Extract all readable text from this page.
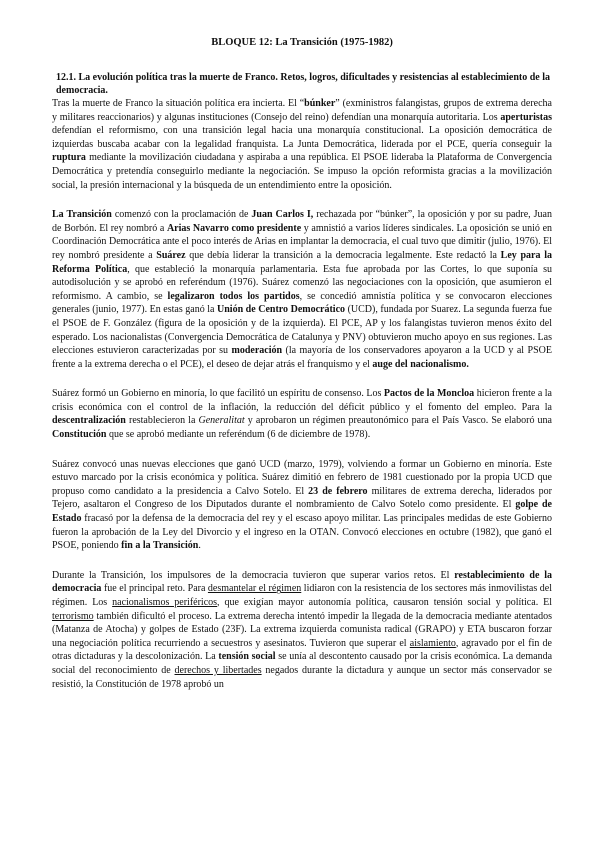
BLOQUE 12: La Transición (1975-1982)
12.1. La evolución política tras la muerte de Franco. Retos, logros, dificultades y resistencias al establecimiento de la democracia.

Tras la muerte de Franco la situación política era incierta. El “búnker” (exministros falangistas, grupos de extrema derecha y militares reaccionarios) y algunas instituciones (Consejo del reino) defendían una monarquía autoritaria. Los aperturistas defendían el reformismo, con una transición legal hacia una monarquía constitucional. La oposición democrática de izquierdas buscaba acabar con la legalidad franquista. La Junta Democrática, liderada por el PCE, quería conseguir la ruptura mediante la movilización ciudadana y aspiraba a una república. El PSOE lideraba la Plataforma de Convergencia Democrática y pretendía conseguirlo mediante la negociación. Se impuso la opción reformista gracias a la movilización social, la presión internacional y la búsqueda de un entendimiento entre la oposición.

La Transición comenzó con la proclamación de Juan Carlos I, rechazada por “búnker”, la oposición y por su padre, Juan de Borbón. El rey nombró a Arias Navarro como presidente y amnistió a varios líderes sindicales. La oposición se unió en Coordinación Democrática ante el poco interés de Arias en implantar la democracia, el cual tuvo que dimitir (julio, 1976). El rey nombró presidente a Suárez que debía liderar la transición a la democracia legalmente. Este redactó la Ley para la Reforma Política, que estableció la monarquía parlamentaria. Esta fue aprobada por las Cortes, lo que suponía su autodisolución y se aprobó en referéndum (1976). Suárez comenzó las negociaciones con la oposición, que asumieron el reformismo. A cambio, se legalizaron todos los partidos, se concedió amnistía política y se convocaron elecciones generales (junio, 1977). En estas ganó la Unión de Centro Democrático (UCD), fundada por Suarez. La segunda fuerza fue el PSOE de F. González (figura de la oposición y de la izquierda). El PCE, AP y los falangistas tuvieron menos éxito del esperado. Los nacionalistas (Convergencia Democrática de Catalunya y PNV) obtuvieron mucho apoyo en sus regiones. Las elecciones estuvieron caracterizadas por su moderación (la mayoría de los conservadores apoyaron a la UCD y al PSOE frente a la extrema derecha o el PCE), el deseo de dejar atrás el franquismo y el auge del nacionalismo.

Suárez formó un Gobierno en minoría, lo que facilitó un espíritu de consenso. Los Pactos de la Moncloa hicieron frente a la crisis económica con el control de la inflación, la reducción del déficit público y el fomento del empleo. Para la descentralización restablecieron la Generalitat y aprobaron un régimen preautonómico para el País Vasco. Se elaboró una Constitución que se aprobó mediante un referéndum (6 de diciembre de 1978).

Suárez convocó unas nuevas elecciones que ganó UCD (marzo, 1979), volviendo a formar un Gobierno en minoría. Este estuvo marcado por la crisis económica y política. Suárez dimitió en febrero de 1981 cuestionado por la propia UCD que propuso como candidato a la presidencia a Calvo Sotelo. El 23 de febrero militares de extrema derecha, liderados por Tejero, asaltaron el Congreso de los Diputados durante el nombramiento de Calvo Sotelo como presidente. El golpe de Estado fracasó por la defensa de la democracia del rey y el escaso apoyo militar. Las principales medidas de este Gobierno fueron la aprobación de la Ley del Divorcio y el ingreso en la OTAN. Convocó elecciones en octubre (1982), que ganó el PSOE, poniendo fin a la Transición.

Durante la Transición, los impulsores de la democracia tuvieron que superar varios retos. El restablecimiento de la democracia fue el principal reto. Para desmantelar el régimen lidiaron con la resistencia de los sectores más inmovilistas del régimen. Los nacionalismos periféricos, que exigían mayor autonomía política, causaron tensión social y política. El terrorismo también dificultó el proceso. La extrema derecha intentó impedir la llegada de la democracia mediante atentados (Matanza de Atocha) y golpes de Estado (23F). La extrema izquierda comunista radical (GRAPO) y ETA buscaron forzar una negociación política recurriendo a secuestros y asesinatos. Tuvieron que superar el aislamiento, agravado por el fin de otras dictaduras y la descolonización. La tensión social se unía al descontento causado por la crisis económica. La demanda social del reconocimiento de derechos y libertades negados durante la dictadura y aunque un sector más conservador se resistió, la Constitución de 1978 aprobó un
